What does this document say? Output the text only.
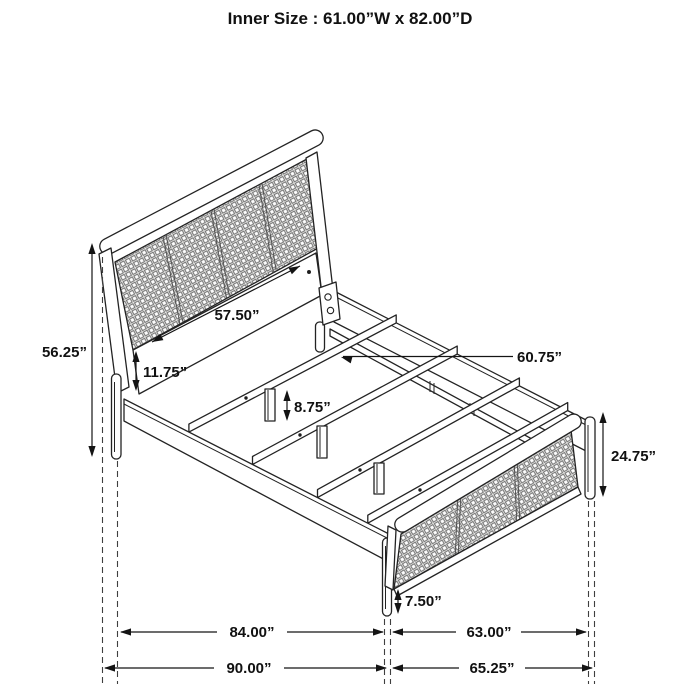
56.25”
57.50”
11.75”
60.75”
8.75”
24.75”
7.50”
84.00”	63.00”
90.00”	65.25”
Inner Size : 61.00”W x 82.00”D
